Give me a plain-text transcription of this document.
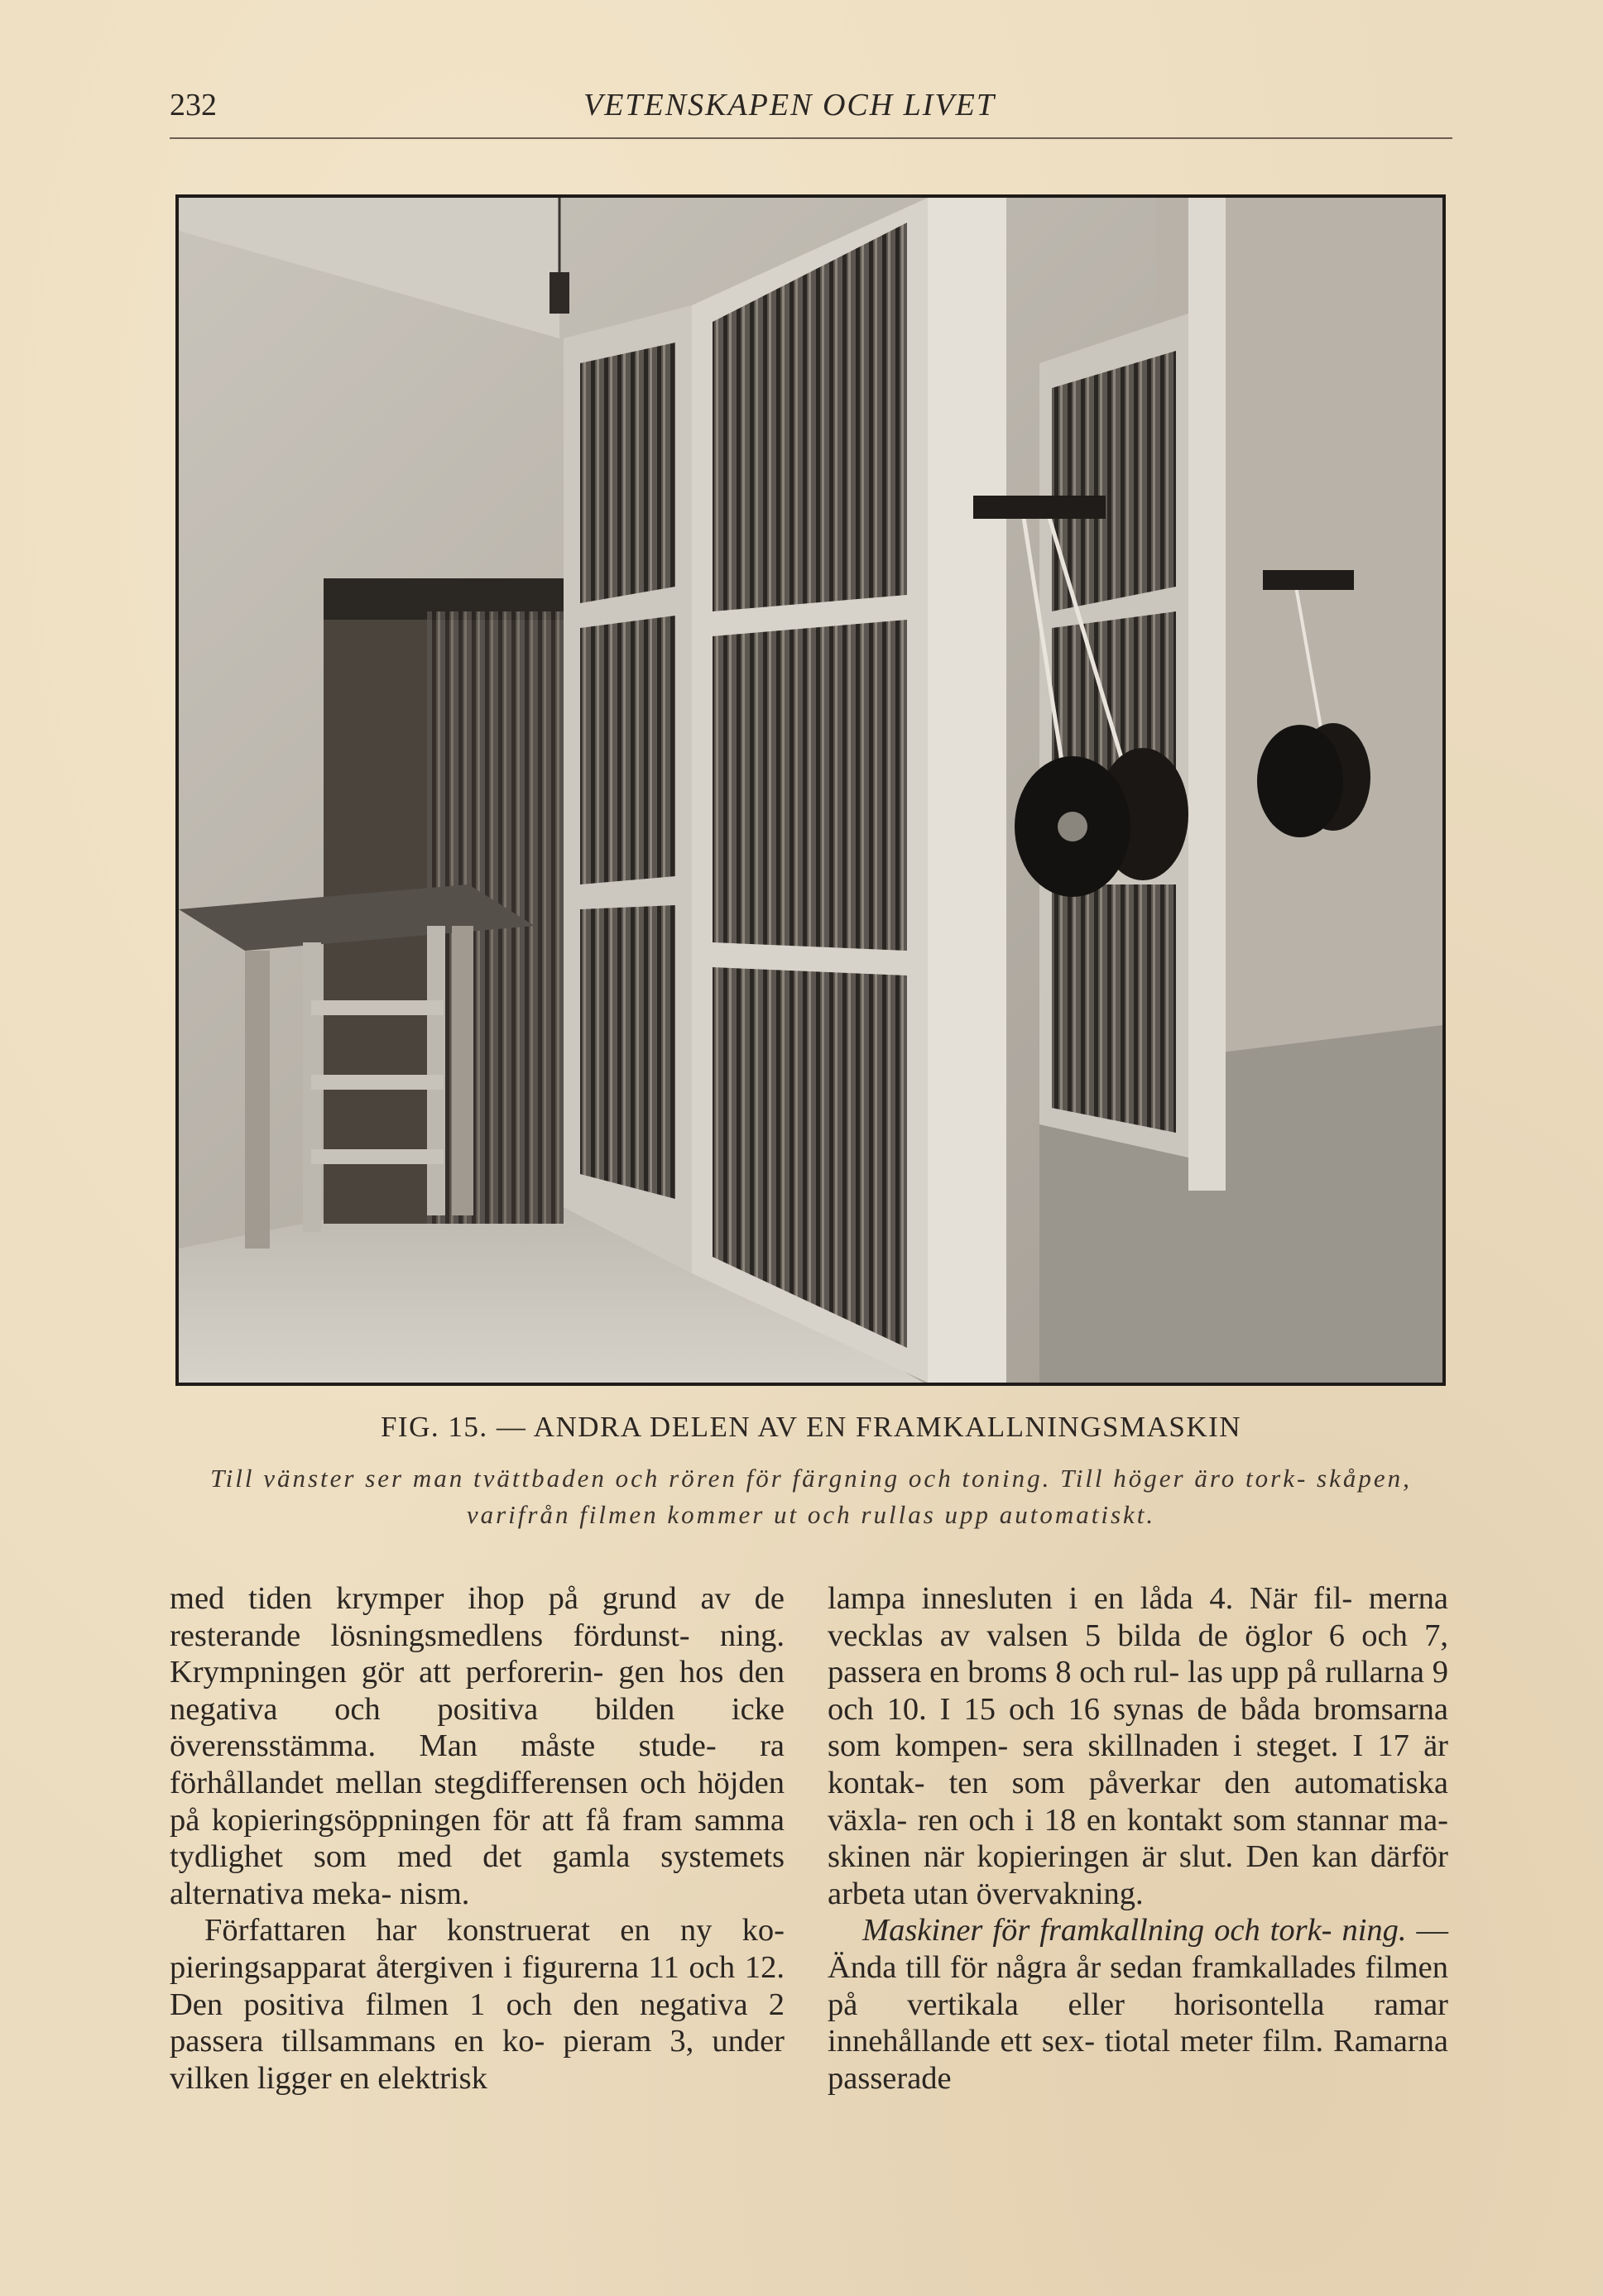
232	VETENSKAPEN OCH LIVET
FIG. 15. — ANDRA DELEN AV EN FRAMKALLNINGSMASKIN
Till vänster ser man tvättbaden och rören för färgning och toning. Till höger äro tork- skåpen, varifrån filmen kommer ut och rullas upp automatiskt.

med tiden krymper ihop på grund av de resterande lösningsmedlens fördunst- ning. Krympningen gör att perforerin- gen hos den negativa och positiva bilden icke överensstämma. Man måste stude- ra förhållandet mellan stegdifferensen och höjden på kopieringsöppningen för att få fram samma tydlighet som med det gamla systemets alternativa meka- nism.

Författaren har konstruerat en ny ko- pieringsapparat återgiven i figurerna 11 och 12. Den positiva filmen 1 och den negativa 2 passera tillsammans en ko- pieram 3, under vilken ligger en elektrisk

lampa innesluten i en låda 4. När fil- merna vecklas av valsen 5 bilda de öglor 6 och 7, passera en broms 8 och rul- las upp på rullarna 9 och 10. I 15 och 16 synas de båda bromsarna som kompen- sera skillnaden i steget. I 17 är kontak- ten som påverkar den automatiska växla- ren och i 18 en kontakt som stannar ma- skinen när kopieringen är slut. Den kan därför arbeta utan övervakning.

Maskiner för framkallning och tork- ning. — Ända till för några år sedan framkallades filmen på vertikala eller horisontella ramar innehållande ett sex- tiotal meter film. Ramarna passerade
